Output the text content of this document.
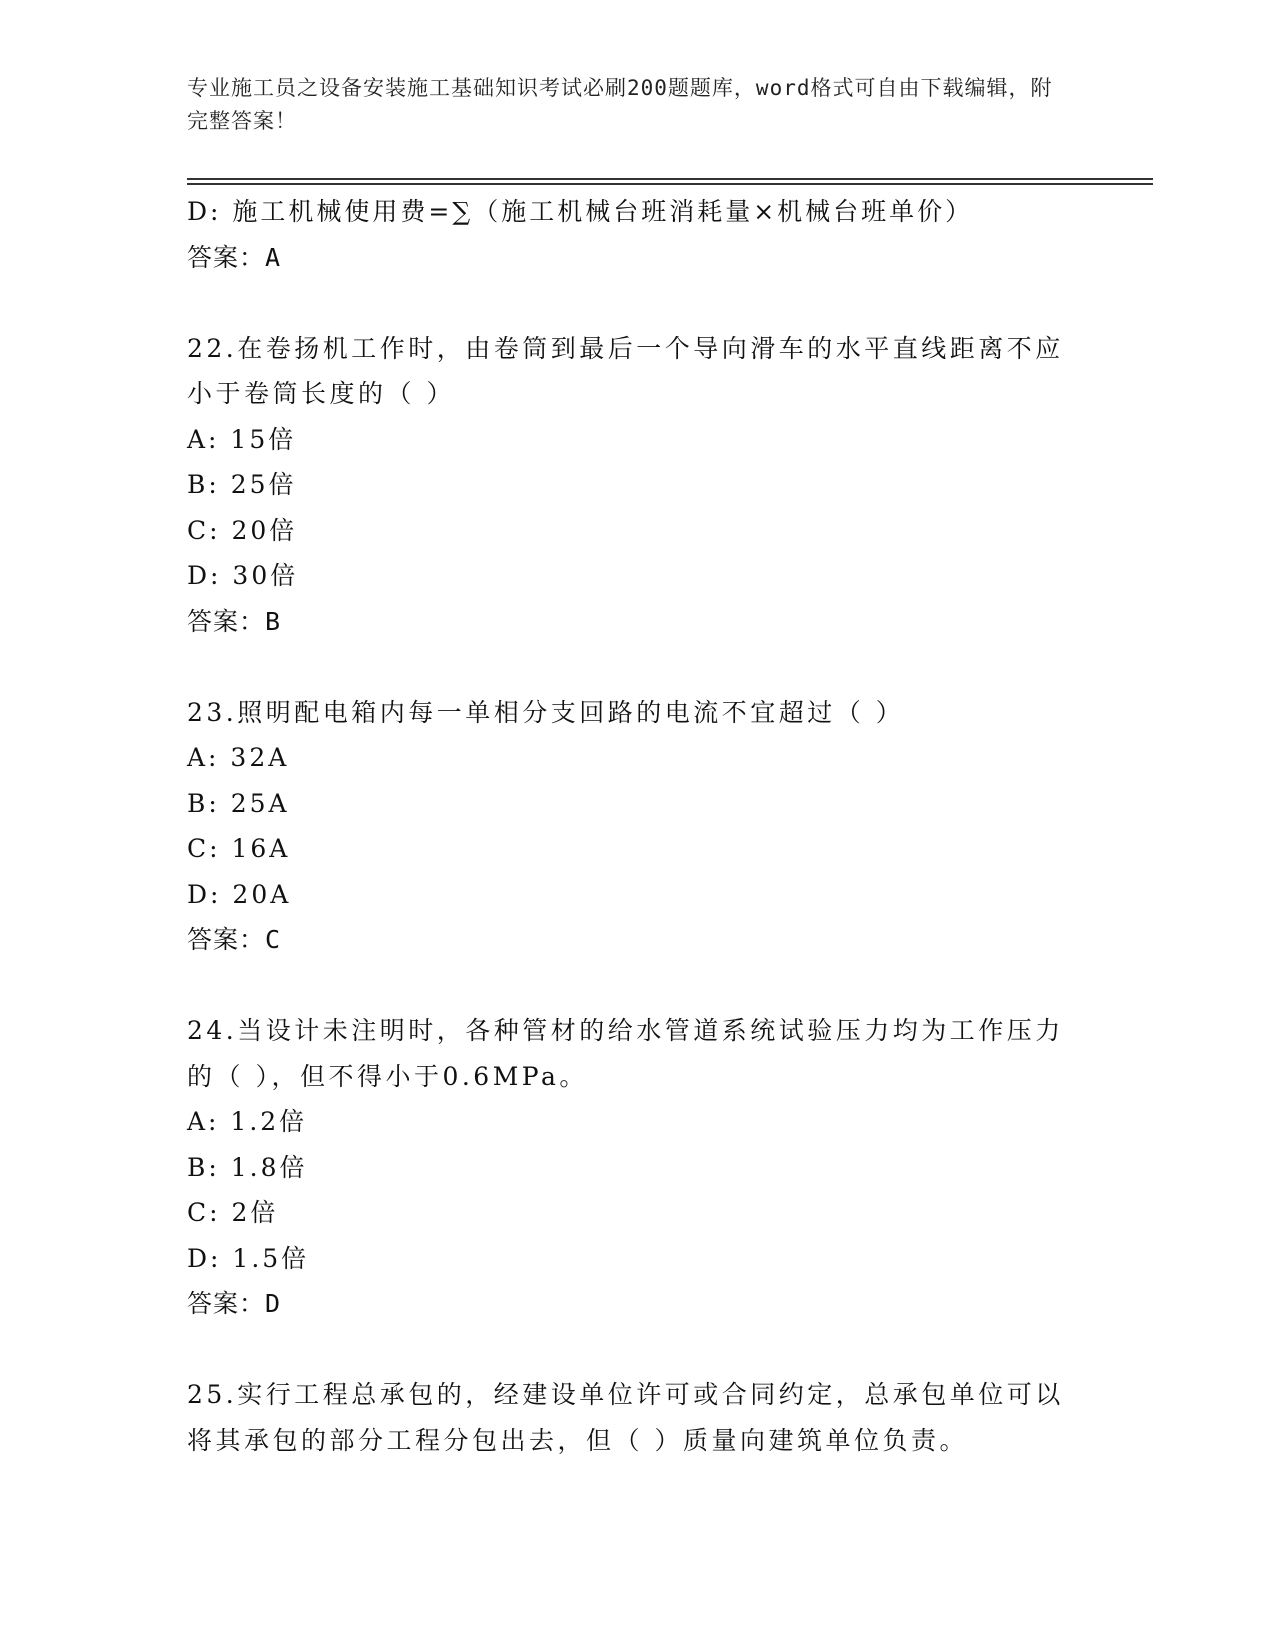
专业施工员之设备安装施工基础知识考试必刷200题题库，word格式可自由下载编辑，附完整答案！
D: 施工机械使用费=∑（施工机械台班消耗量×机械台班单价）
答案：A
22.在卷扬机工作时，由卷筒到最后一个导向滑车的水平直线距离不应小于卷筒长度的（ ）
A: 15倍
B: 25倍
C: 20倍
D: 30倍
答案：B
23.照明配电箱内每一单相分支回路的电流不宜超过（ ）
A: 32A
B: 25A
C: 16A
D: 20A
答案：C
24.当设计未注明时，各种管材的给水管道系统试验压力均为工作压力的（ ），但不得小于0.6MPa。
A: 1.2倍
B: 1.8倍
C: 2倍
D: 1.5倍
答案：D
25.实行工程总承包的，经建设单位许可或合同约定，总承包单位可以将其承包的部分工程分包出去，但（ ）质量向建筑单位负责。
